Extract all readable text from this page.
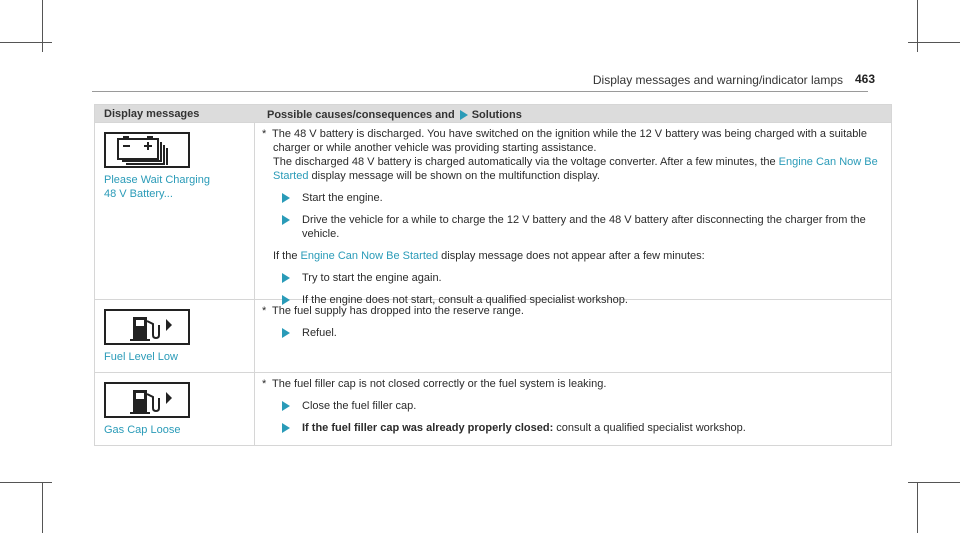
Display messages and warning/indicator lamps 463
Display messages	Possible causes/consequences and Solutions
Please Wait Charging 48 V Battery...

* The 48 V battery is discharged. You have switched on the ignition while the 12 V battery was being charged with a suitable charger or while another vehicle was providing starting assistance.

The discharged 48 V battery is charged automatically via the voltage converter. After a few minutes, the Engine Can Now Be Started display message will be shown on the multifunction display.

Start the engine.
Drive the vehicle for a while to charge the 12 V battery and the 48 V battery after disconnecting the charger from the vehicle.

If the Engine Can Now Be Started display message does not appear after a few minutes:

Try to start the engine again.
If the engine does not start, consult a qualified specialist workshop.
Fuel Level Low

* The fuel supply has dropped into the reserve range.

Refuel.
Gas Cap Loose

* The fuel filler cap is not closed correctly or the fuel system is leaking.

Close the fuel filler cap.
If the fuel filler cap was already properly closed: consult a qualified specialist workshop.
